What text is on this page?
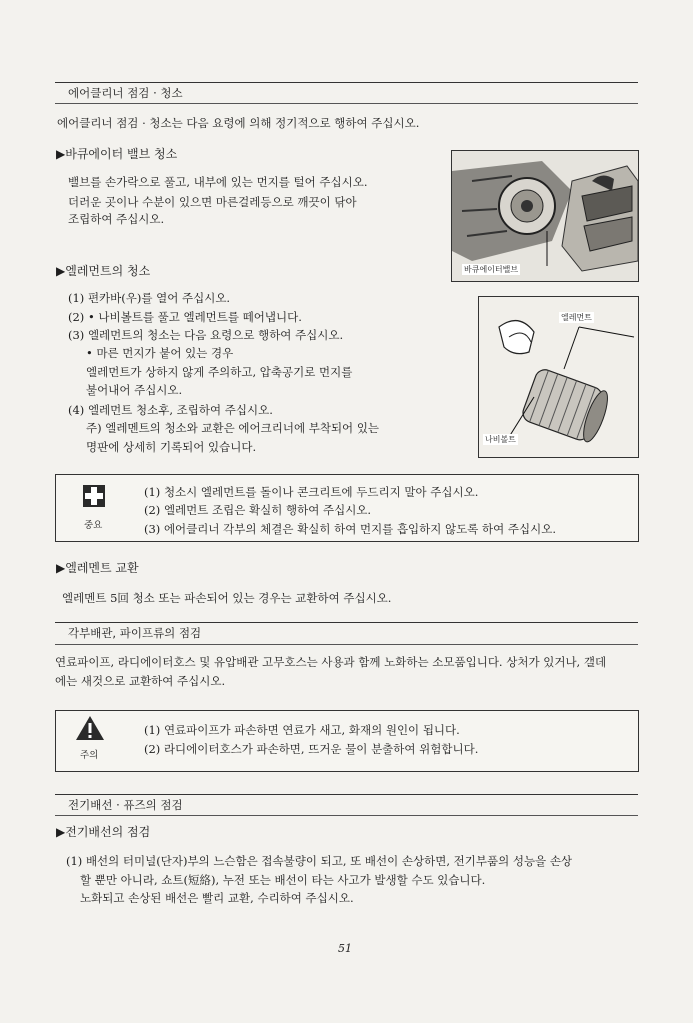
에어클리너 점검 · 청소
에어클리너 점검 · 청소는 다음 요령에 의해 정기적으로 행하여 주십시오.
▶바큐에이터 밸브 청소
밸브를 손가락으로 풀고, 내부에 있는 먼지를 털어 주십시오.
더러운 곳이나 수분이 있으면 마른걸레등으로 깨끗이 닦아
조립하여 주십시오.
바큐에이터밸브
▶엘레먼트의 청소
(1) 편카바(우)를 열어 주십시오.
(2) • 나비볼트를 풀고 엘레먼트를 떼어냅니다.
(3) 엘레먼트의 청소는 다음 요령으로 행하여 주십시오.
• 마른 먼지가 붙어 있는 경우
엘레먼트가 상하지 않게 주의하고, 압축공기로 먼지를
불어내어 주십시오.
(4) 엘레먼트 청소후, 조립하여 주십시오.
주) 엘레멘트의 청소와 교환은 에어크리너에 부착되어 있는
명판에 상세히 기록되어 있습니다.
엘레먼트
나비볼트
중요
(1) 청소시 엘레먼트를 돌이나 콘크리트에 두드리지 말아 주십시오.
(2) 엘레먼트 조립은 확실히 행하여 주십시오.
(3) 에어클리너 각부의 체결은 확실히 하여 먼지를 흡입하지 않도록 하여 주십시오.
▶엘레멘트 교환
엘레멘트 5回 청소 또는 파손되어 있는 경우는 교환하여 주십시오.
각부배관, 파이프류의 점검
연료파이프, 라디에이터호스 및 유압배관 고무호스는 사용과 함께 노화하는 소모품입니다. 상처가 있거나, 갤데
에는 새것으로 교환하여 주십시오.
주의
(1) 연료파이프가 파손하면 연료가 새고, 화재의 원인이 됩니다.
(2) 라디에이터호스가 파손하면, 뜨거운 물이 분출하여 위험합니다.
전기배선 · 퓨즈의 점검
▶전기배선의 점검
(1) 배선의 터미널(단자)부의 느슨함은 접속불량이 되고, 또 배선이 손상하면, 전기부품의 성능을 손상
할 뿐만 아니라, 쇼트(短絡), 누전 또는 배선이 타는 사고가 발생할 수도 있습니다.
노화되고 손상된 배선은 빨리 교환, 수리하여 주십시오.
51
